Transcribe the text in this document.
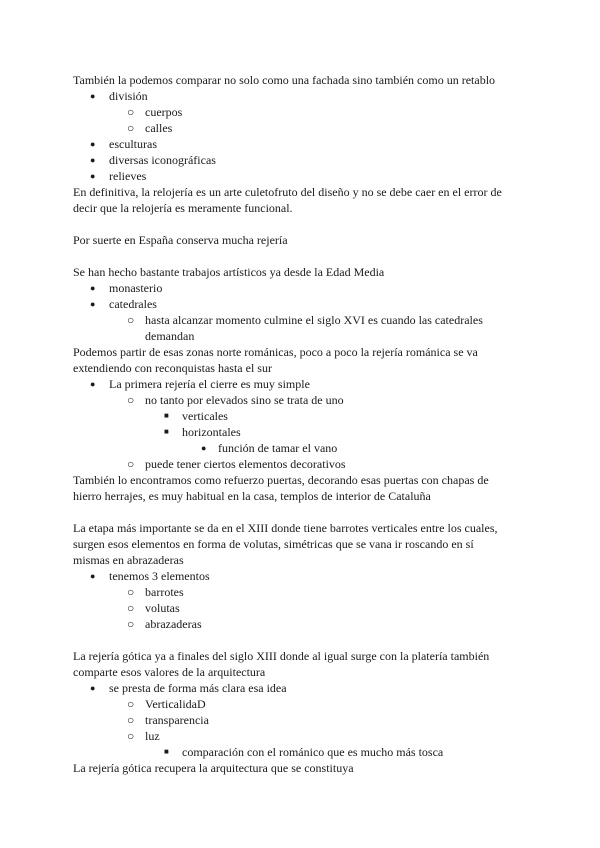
También la podemos comparar no solo como una fachada sino también como un retablo
● división
○ cuerpos
○ calles
● esculturas
● diversas iconográficas
● relieves
En definitiva, la relojería es un arte culetofruto del diseño y no se debe caer en el error de decir que la relojería es meramente funcional.
Por suerte en España conserva mucha rejería
Se han hecho bastante trabajos artísticos ya desde la Edad Media
● monasterio
● catedrales
○ hasta alcanzar momento culmine el siglo XVI es cuando las catedrales demandan
Podemos partir de esas zonas norte románicas, poco a poco la rejería románica se va extendiendo con reconquistas hasta el sur
● La primera rejería el cierre es muy simple
○ no tanto por elevados sino se trata de uno
■ verticales
■ horizontales
● función de tamar el vano
○ puede tener ciertos elementos decorativos
También lo encontramos como refuerzo puertas, decorando esas puertas con chapas de hierro herrajes, es muy habitual en la casa, templos de interior de Cataluña
La etapa más importante se da en el XIII donde tiene barrotes verticales entre los cuales, surgen esos elementos en forma de volutas, simétricas que se vana ir roscando en sí mismas en abrazaderas
● tenemos 3 elementos
○ barrotes
○ volutas
○ abrazaderas
La rejería gótica ya a finales del siglo XIII donde al igual surge con la platería también comparte esos valores de la arquitectura
● se presta de forma más clara esa idea
○ VerticalidaD
○ transparencia
○ luz
■ comparación con el románico que es mucho más tosca
La rejería gótica recupera la arquitectura que se constituya
